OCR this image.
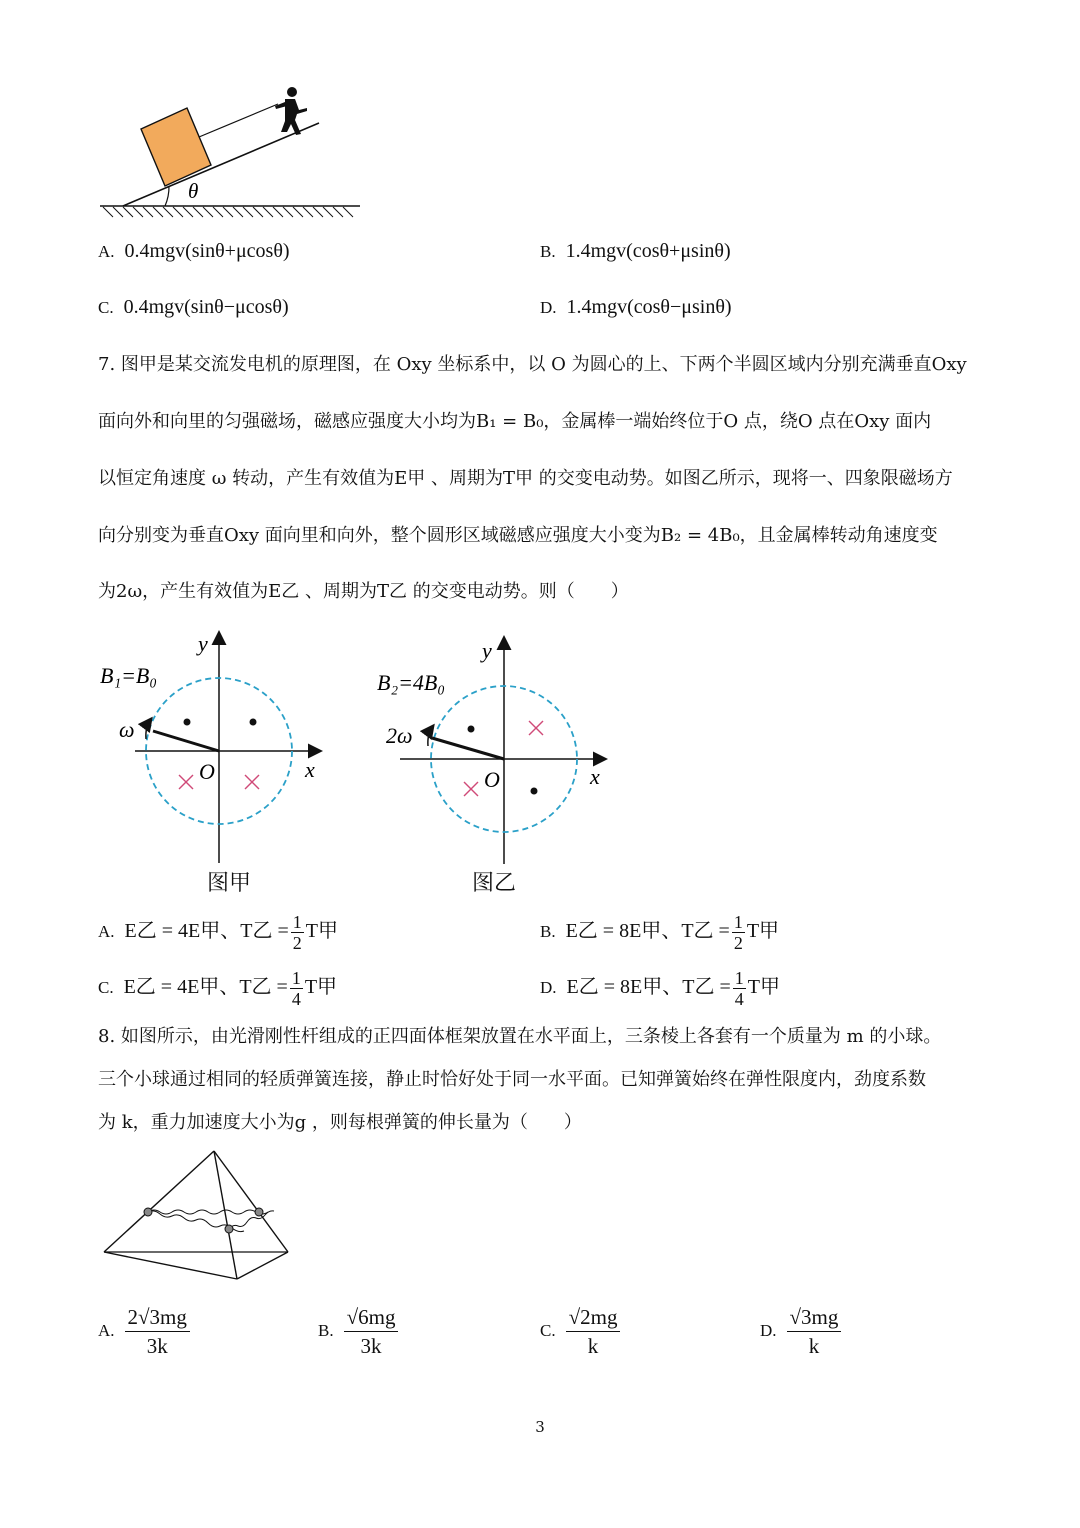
θ
A. 0.4mgv(sinθ+μcosθ)	B. 1.4mgv(cosθ+μsinθ)
C. 0.4mgv(sinθ−μcosθ)	D. 1.4mgv(cosθ−μsinθ)
7. 图甲是某交流发电机的原理图，在 Oxy 坐标系中，以 O 为圆心的上、下两个半圆区域内分别充满垂直Oxy
面向外和向里的匀强磁场，磁感应强度大小均为B₁ = B₀，金属棒一端始终位于O 点，绕O 点在Oxy 面内
以恒定角速度 ω 转动，产生有效值为E甲 、周期为T甲 的交变电动势。如图乙所示，现将一、四象限磁场方
向分别变为垂直Oxy 面向里和向外，整个圆形区域磁感应强度大小变为B₂ = 4B₀，且金属棒转动角速度变
为2ω，产生有效值为E乙 、周期为T乙 的交变电动势。则（　　）
B₁=B₀
ω
O	x
y
图甲
B₂=4B₀
2ω
O	x
y
图乙
A. E乙 = 4E甲、T乙 = $\frac{1}{2}$ T甲	B. E乙 = 8E甲、T乙 = $\frac{1}{2}$ T甲
C. E乙 = 4E甲、T乙 = $\frac{1}{4}$ T甲	D. E乙 = 8E甲、T乙 = $\frac{1}{4}$ T甲
8. 如图所示，由光滑刚性杆组成的正四面体框架放置在水平面上，三条棱上各套有一个质量为 m 的小球。
三个小球通过相同的轻质弹簧连接，静止时恰好处于同一水平面。已知弹簧始终在弹性限度内，劲度系数
为 k，重力加速度大小为g ，则每根弹簧的伸长量为（　　）
A. $\frac{2√3mg}{3k}$	B. $\frac{√6mg}{3k}$	C. $\frac{√2mg}{k}$	D. $\frac{√3mg}{k}$
3
